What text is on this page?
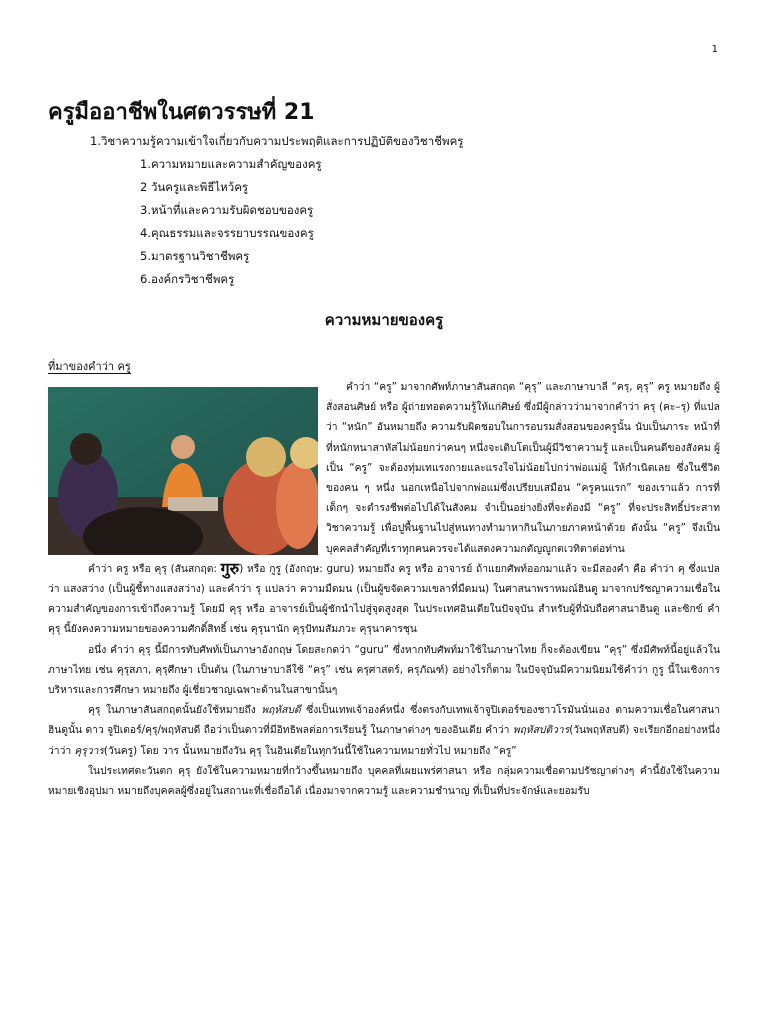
1
ครูมืออาชีพในศตวรรษที่ 21
1.วิชาความรู้ความเข้าใจเกี่ยวกับความประพฤติและการปฏิบัติของวิชาชีพครู
1.ความหมายและความสำคัญของครู
2 วันครูและพิธีไหว้ครู
3.หน้าที่และความรับผิดชอบของครู
4.คุณธรรมและจรรยาบรรณของครู
5.มาตรฐานวิชาชีพครู
6.องค์กรวิชาชีพครู
ความหมายของครู
ที่มาของคำว่า ครู

คำว่า “ครู” มาจากศัพท์ภาษาสันสกฤต “คุรุ” และภาษาบาลี “ครุ, คุรุ” ครู หมายถึง ผู้สั่งสอนศิษย์ หรือ ผู้ถ่ายทอดความรู้ให้แก่ศิษย์ ซึ่งมีผู้กล่าวว่ามาจากคำว่า ครุ (คะ–รุ) ที่แปลว่า “หนัก” อันหมายถึง ความรับผิดชอบในการอบรมสั่งสอนของครูนั้น นับเป็นภาระ หน้าที่ที่หนักหนาสาหัสไม่น้อยกว่าคนๆ หนึ่งจะเติบโตเป็นผู้มีวิชาความรู้ และเป็นคนดีของสังคม ผู้เป็น “ครู” จะต้องทุ่มเทแรงกายและแรงใจไม่น้อยไปกว่าพ่อแม่ผู้ ให้กำเนิดเลย ซึ่งในชีวิตของคน ๆ หนึ่ง นอกเหนือไปจากพ่อแม่ซึ่งเปรียบเสมือน “ครูคนแรก” ของเราแล้ว การที่เด็กๆ จะดำรงชีพต่อไปได้ในสังคม จำเป็นอย่างยิ่งที่จะต้องมี “ครู” ที่จะประสิทธิ์ประสาทวิชาความรู้ เพื่อปูพื้นฐานไปสู่หนทางทำมาหากินในภายภาคหน้าด้วย ดังนั้น “ครู” จึงเป็นบุคคลสำคัญที่เราทุกคนควรจะได้แสดงความกตัญญูกตเวทิตาต่อท่าน

คำว่า ครู หรือ คุรุ (สันสกฤต: गुरु) หรือ กูรู (อังกฤษ: guru) หมายถึง ครู หรือ อาจารย์ ถ้าแยกศัพท์ออกมาแล้ว จะมีสองคำ คือ คำว่า คุ ซึ่งแปลว่า แสงสว่าง (เป็นผู้ชี้ทางแสงสว่าง) และคำว่า รุ แปลว่า ความมืดมน (เป็นผู้ขจัดความเขลาที่มืดมน) ในศาสนาพราหมณ์ฮินดู มาจากปรัชญาความเชื่อในความสำคัญของการเข้าถึงความรู้ โดยมี คุรุ หรือ อาจารย์เป็นผู้ชักนำไปสู่จุดสูงสุด ในประเทศอินเดียในปัจจุบัน สำหรับผู้ที่นับถือศาสนาฮินดู และซิกข์ คำ คุรุ นี้ยังคงความหมายของความศักดิ์สิทธิ์ เช่น คุรุนานัก คุรุปัทมสัมภวะ คุรุนาคารชุน

อนึ่ง คำว่า คุรุ นี้มีการทับศัพท์เป็นภาษาอังกฤษ โดยสะกดว่า “guru” ซึ่งหากทับศัพท์มาใช้ในภาษาไทย ก็จะต้องเขียน “คุรุ” ซึ่งมีศัพท์นี้อยู่แล้วในภาษาไทย เช่น คุรุสภา, คุรุศึกษา เป็นต้น (ในภาษาบาลีใช้ “ครุ” เช่น ครุศาสตร์, ครุภัณฑ์) อย่างไรก็ตาม ในปัจจุบันมีความนิยมใช้คำว่า กูรู นี้ในเชิงการบริหารและการศึกษา หมายถึง ผู้เชี่ยวชาญเฉพาะด้านในสาขานั้นๆ

คุรุ ในภาษาสันสกฤตนั้นยังใช้หมายถึง พฤหัสบดี ซึ่งเป็นเทพเจ้าองค์หนึ่ง ซึ่งตรงกับเทพเจ้าจูปิเตอร์ของชาวโรมันนั่นเอง ตามความเชื่อในศาสนาฮินดูนั้น ดาว จูปิเตอร์/คุรุ/พฤหัสบดี ถือว่าเป็นดาวที่มีอิทธิพลต่อการเรียนรู้ ในภาษาต่างๆ ของอินเดีย คำว่า พฤหัสปติวาร(วันพฤหัสบดี) จะเรียกอีกอย่างหนึ่งว่าว่า คุรุวาร(วันครู) โดย วาร นั้นหมายถึงวัน คุรุ ในอินเดียในทุกวันนี้ใช้ในความหมายทั่วไป หมายถึง “ครู”

ในประเทศตะวันตก คุรุ ยังใช้ในความหมายที่กว้างขึ้นหมายถึง บุคคลที่เผยแพร่ศาสนา หรือ กลุ่มความเชื่อตามปรัชญาต่างๆ คำนี้ยังใช้ในความหมายเชิงอุปมา หมายถึงบุคคลผู้ซึ่งอยู่ในสถานะที่เชื่อถือได้ เนื่องมาจากความรู้ และความชำนาญ ที่เป็นที่ประจักษ์และยอมรับ
